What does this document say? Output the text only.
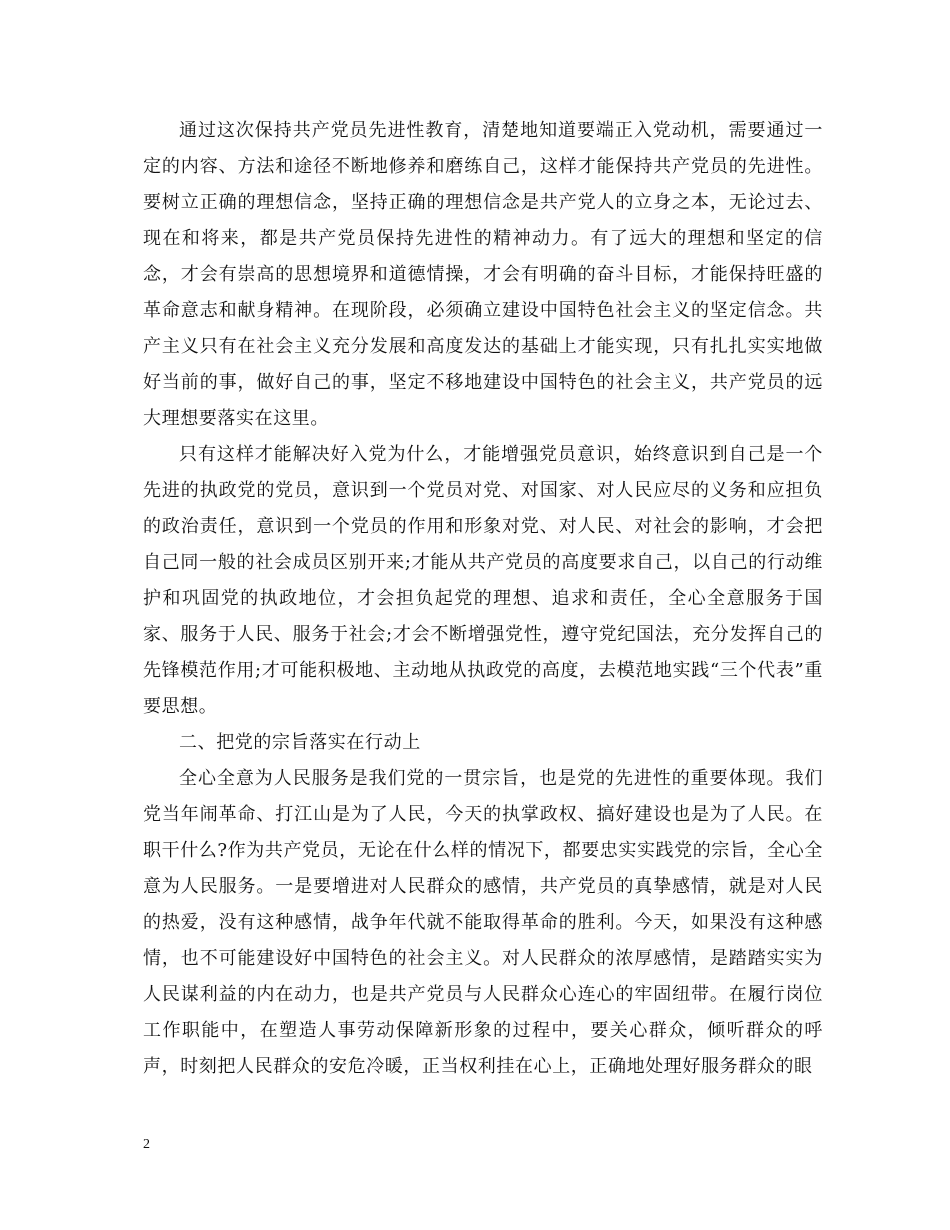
通过这次保持共产党员先进性教育，清楚地知道要端正入党动机，需要通过一定的内容、方法和途径不断地修养和磨练自己，这样才能保持共产党员的先进性。要树立正确的理想信念，坚持正确的理想信念是共产党人的立身之本，无论过去、现在和将来，都是共产党员保持先进性的精神动力。有了远大的理想和坚定的信念，才会有崇高的思想境界和道德情操，才会有明确的奋斗目标，才能保持旺盛的革命意志和献身精神。在现阶段，必须确立建设中国特色社会主义的坚定信念。共产主义只有在社会主义充分发展和高度发达的基础上才能实现，只有扎扎实实地做好当前的事，做好自己的事，坚定不移地建设中国特色的社会主义，共产党员的远大理想要落实在这里。

只有这样才能解决好入党为什么，才能增强党员意识，始终意识到自己是一个先进的执政党的党员，意识到一个党员对党、对国家、对人民应尽的义务和应担负的政治责任，意识到一个党员的作用和形象对党、对人民、对社会的影响，才会把自己同一般的社会成员区别开来;才能从共产党员的高度要求自己，以自己的行动维护和巩固党的执政地位，才会担负起党的理想、追求和责任，全心全意服务于国家、服务于人民、服务于社会;才会不断增强党性，遵守党纪国法，充分发挥自己的先锋模范作用;才可能积极地、主动地从执政党的高度，去模范地实践“三个代表”重要思想。

二、把党的宗旨落实在行动上

全心全意为人民服务是我们党的一贯宗旨，也是党的先进性的重要体现。我们党当年闹革命、打江山是为了人民，今天的执掌政权、搞好建设也是为了人民。在职干什么?作为共产党员，无论在什么样的情况下，都要忠实实践党的宗旨，全心全意为人民服务。一是要增进对人民群众的感情，共产党员的真挚感情，就是对人民的热爱，没有这种感情，战争年代就不能取得革命的胜利。今天，如果没有这种感情，也不可能建设好中国特色的社会主义。对人民群众的浓厚感情，是踏踏实实为人民谋利益的内在动力，也是共产党员与人民群众心连心的牢固纽带。在履行岗位工作职能中，在塑造人事劳动保障新形象的过程中，要关心群众，倾听群众的呼声，时刻把人民群众的安危冷暖，正当权利挂在心上，正确地处理好服务群众的眼

2
